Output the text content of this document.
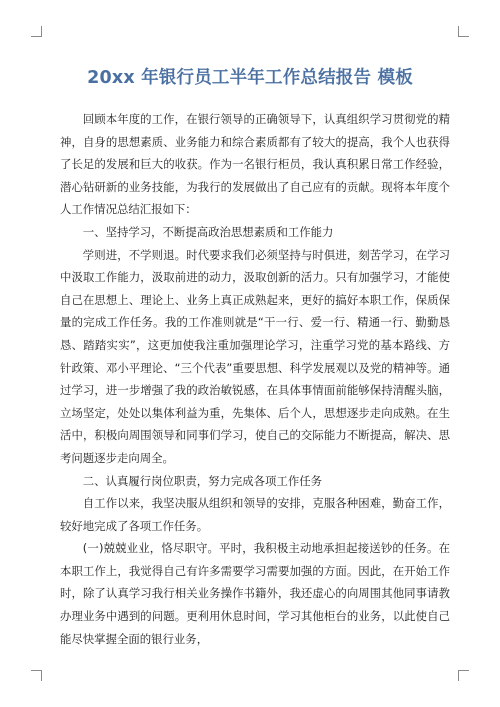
20xx 年银行员工半年工作总结报告 模板

回顾本年度的工作，在银行领导的正确领导下，认真组织学习贯彻党的精神，自身的思想素质、业务能力和综合素质都有了较大的提高，我个人也获得了长足的发展和巨大的收获。作为一名银行柜员，我认真积累日常工作经验，潜心钻研新的业务技能，为我行的发展做出了自己应有的贡献。现将本年度个人工作情况总结汇报如下：

一、坚持学习，不断提高政治思想素质和工作能力

学则进，不学则退。时代要求我们必须坚持与时俱进，刻苦学习，在学习中汲取工作能力，汲取前进的动力，汲取创新的活力。只有加强学习，才能使自己在思想上、理论上、业务上真正成熟起来，更好的搞好本职工作，保质保量的完成工作任务。我的工作准则就是“干一行、爱一行、精通一行、勤勤恳恳、踏踏实实”，这更加使我注重加强理论学习，注重学习党的基本路线、方针政策、邓小平理论、“三个代表”重要思想、科学发展观以及党的精神等。通过学习，进一步增强了我的政治敏锐感，在具体事情面前能够保持清醒头脑，立场坚定，处处以集体利益为重，先集体、后个人，思想逐步走向成熟。在生活中，积极向周围领导和同事们学习，使自己的交际能力不断提高，解决、思考问题逐步走向周全。

二、认真履行岗位职责，努力完成各项工作任务

自工作以来，我坚决服从组织和领导的安排，克服各种困难，勤奋工作，较好地完成了各项工作任务。

(一)兢兢业业，恪尽职守。平时，我积极主动地承担起接送钞的任务。在本职工作上，我觉得自己有许多需要学习需要加强的方面。因此，在开始工作时，除了认真学习我行相关业务操作书籍外，我还虚心的向周围其他同事请教办理业务中遇到的问题。更利用休息时间，学习其他柜台的业务，以此使自己能尽快掌握全面的银行业务，
